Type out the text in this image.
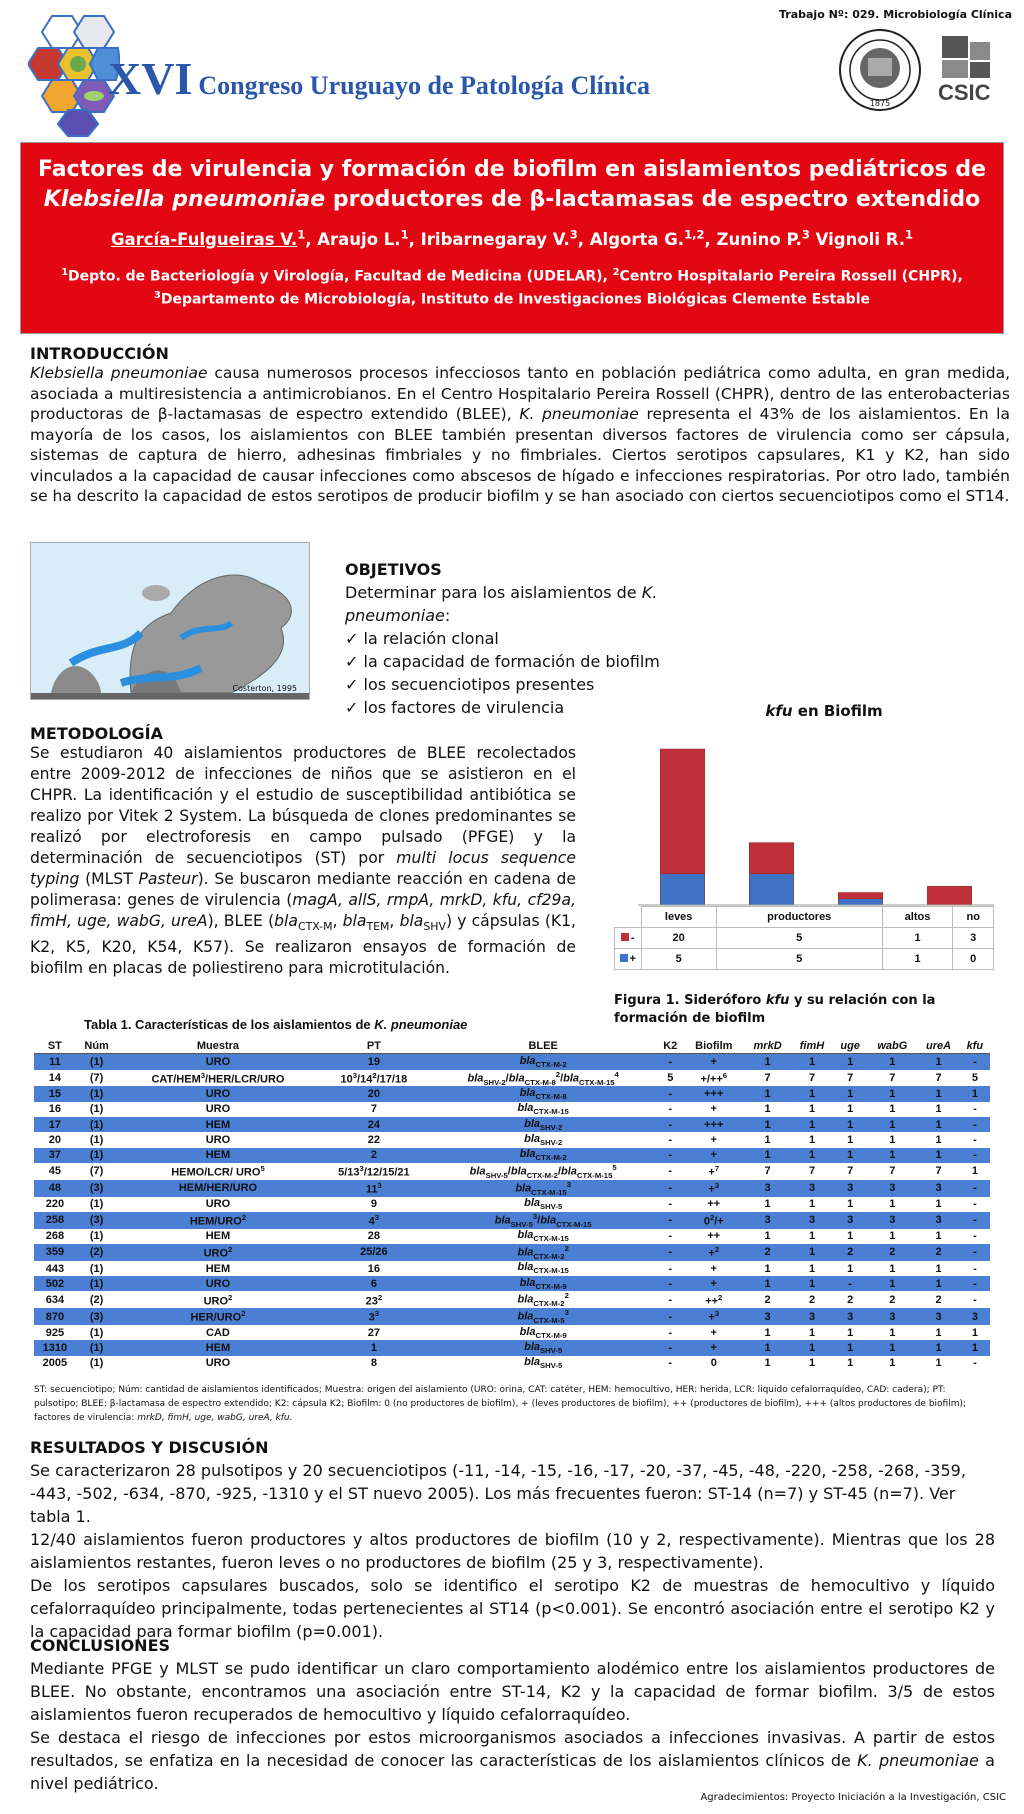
Trabajo Nº: 029. Microbiología Clínica
XVI Congreso Uruguayo de Patología Clínica
1875 CSIC
Factores de virulencia y formación de biofilm en aislamientos pediátricos de
Klebsiella pneumoniae productores de β-lactamasas de espectro extendido
García-Fulgueiras V.$^1$, Araujo L.$^1$, Iribarnegaray V.$^3$, Algorta G.$^{1,2}$, Zunino P.$^3$ Vignoli R.$^1$
$^1$Depto. de Bacteriología y Virología, Facultad de Medicina (UDELAR), $^2$Centro Hospitalario Pereira Rossell (CHPR), $^3$Departamento de Microbiología, Instituto de Investigaciones Biológicas Clemente Estable
INTRODUCCIÓN
Klebsiella pneumoniae causa numerosos procesos infecciosos tanto en población pediátrica como adulta, en gran medida, asociada a multiresistencia a antimicrobianos. En el Centro Hospitalario Pereira Rossell (CHPR), dentro de las enterobacterias productoras de β-lactamasas de espectro extendido (BLEE), K. pneumoniae representa el 43% de los aislamientos. En la mayoría de los casos, los aislamientos con BLEE también presentan diversos factores de virulencia como ser cápsula, sistemas de captura de hierro, adhesinas fimbriales y no fimbriales. Ciertos serotipos capsulares, K1 y K2, han sido vinculados a la capacidad de causar infecciones como abscesos de hígado e infecciones respiratorias. Por otro lado, también se ha descrito la capacidad de estos serotipos de producir biofilm y se han asociado con ciertos secuenciotipos como el ST14.
Costerton, 1995
OBJETIVOS
Determinar para los aislamientos de K. pneumoniae:
✓ la relación clonal
✓ la capacidad de formación de biofilm
✓ los secuenciotipos presentes
✓ los factores de virulencia
METODOLOGÍA
Se estudiaron 40 aislamientos productores de BLEE recolectados entre 2009-2012 de infecciones de niños que se asistieron en el CHPR. La identificación y el estudio de susceptibilidad antibiótica se realizo por Vitek 2 System. La búsqueda de clones predominantes se realizó por electroforesis en campo pulsado (PFGE) y la determinación de secuenciotipos (ST) por multi locus sequence typing (MLST Pasteur). Se buscaron mediante reacción en cadena de polimerasa: genes de virulencia (magA, allS, rmpA, mrkD, kfu, cf29a, fimH, uge, wabG, ureA), BLEE (bla$_{CTX-M}$, bla$_{TEM}$, bla$_{SHV}$) y cápsulas (K1, K2, K5, K20, K54, K57). Se realizaron ensayos de formación de biofilm en placas de poliestireno para microtitulación.
kfu en Biofilm
	leves	productores	altos	no
-	20	5	1	3
+	5	5	1	0
Figura 1. Sideróforo kfu y su relación con la formación de biofilm
Tabla 1. Características de los aislamientos de K. pneumoniae
ST	Núm	Muestra	PT	BLEE	K2	Biofilm	mrkD	fimH	uge	wabG	ureA	kfu
11	(1)	URO	19	bla$_{CTX-M-2}$	-	+	1	1	1	1	1	-
14	(7)	CAT/HEM$^3$/HER/LCR/URO	$10^3/14^2/17/18$	bla$_{SHV-2}$/bla$_{CTX-M-8}^2$/bla$_{CTX-M-15}^4$	5	+/++$^6$	7	7	7	7	7	5
15	(1)	URO	20	bla$_{CTX-M-8}$	-	+++	1	1	1	1	1	1
16	(1)	URO	7	bla$_{CTX-M-15}$	-	+	1	1	1	1	1	-
17	(1)	HEM	24	bla$_{SHV-2}$	-	+++	1	1	1	1	1	-
20	(1)	URO	22	bla$_{SHV-2}$	-	+	1	1	1	1	1	-
37	(1)	HEM	2	bla$_{CTX-M-2}$	-	+	1	1	1	1	1	-
45	(7)	HEMO/LCR/ URO$^5$	$5/13^3/12/15/21$	bla$_{SHV-5}$/bla$_{CTX-M-2}$/bla$_{CTX-M-15}^5$	-	+$^7$	7	7	7	7	7	1
48	(3)	HEM/HER/URO	$11^3$	bla$_{CTX-M-15}^3$	-	+$^3$	3	3	3	3	3	-
220	(1)	URO	9	bla$_{SHV-5}$	-	++	1	1	1	1	1	-
258	(3)	HEM/URO$^2$	$4^3$	bla$_{SHV-5}^3$/bla$_{CTX-M-15}$	-	$0^2/+$	3	3	3	3	3	-
268	(1)	HEM	28	bla$_{CTX-M-15}$	-	++	1	1	1	1	1	-
359	(2)	URO$^2$	25/26	bla$_{CTX-M-2}^2$	-	+$^2$	2	1	2	2	2	-
443	(1)	HEM	16	bla$_{CTX-M-15}$	-	+	1	1	1	1	1	-
502	(1)	URO	6	bla$_{CTX-M-9}$	-	+	1	1	-	1	1	-
634	(2)	URO$^2$	$23^2$	bla$_{CTX-M-2}^2$	-	++$^2$	2	2	2	2	2	-
870	(3)	HER/URO$^2$	$3^3$	bla$_{CTX-M-5}^3$	-	+$^3$	3	3	3	3	3	3
925	(1)	CAD	27	bla$_{CTX-M-9}$	-	+	1	1	1	1	1	1
1310	(1)	HEM	1	bla$_{SHV-5}$	-	+	1	1	1	1	1	1
2005	(1)	URO	8	bla$_{SHV-5}$	-	0	1	1	1	1	1	-
ST: secuenciotipo; Núm: cantidad de aislamientos identificados; Muestra: origen del aislamiento (URO: orina, CAT: catéter, HEM: hemocultivo, HER: herida, LCR: liquido cefalorraquídeo, CAD: cadera); PT: pulsotipo; BLEE: β-lactamasa de espectro extendido; K2: cápsula K2; Biofilm: 0 (no productores de biofilm), + (leves productores de biofilm), ++ (productores de biofilm), +++ (altos productores de biofilm); factores de virulencia: mrkD, fimH, uge, wabG, ureA, kfu.
RESULTADOS Y DISCUSIÓN
Se caracterizaron 28 pulsotipos y 20 secuenciotipos (-11, -14, -15, -16, -17, -20, -37, -45, -48, -220, -258, -268, -359, -443, -502, -634, -870, -925, -1310 y el ST nuevo 2005). Los más frecuentes fueron: ST-14 (n=7) y ST-45 (n=7). Ver tabla 1.
12/40 aislamientos fueron productores y altos productores de biofilm (10 y 2, respectivamente). Mientras que los 28 aislamientos restantes, fueron leves o no productores de biofilm (25 y 3, respectivamente).
De los serotipos capsulares buscados, solo se identifico el serotipo K2 de muestras de hemocultivo y líquido cefalorraquídeo principalmente, todas pertenecientes al ST14 (p<0.001). Se encontró asociación entre el serotipo K2 y la capacidad para formar biofilm (p=0.001).
CONCLUSIONES
Mediante PFGE y MLST se pudo identificar un claro comportamiento alodémico entre los aislamientos productores de BLEE. No obstante, encontramos una asociación entre ST-14, K2 y la capacidad de formar biofilm. 3/5 de estos aislamientos fueron recuperados de hemocultivo y líquido cefalorraquídeo.
Se destaca el riesgo de infecciones por estos microorganismos asociados a infecciones invasivas. A partir de estos resultados, se enfatiza en la necesidad de conocer las características de los aislamientos clínicos de K. pneumoniae a nivel pediátrico.
Agradecimientos: Proyecto Iniciación a la Investigación, CSIC
